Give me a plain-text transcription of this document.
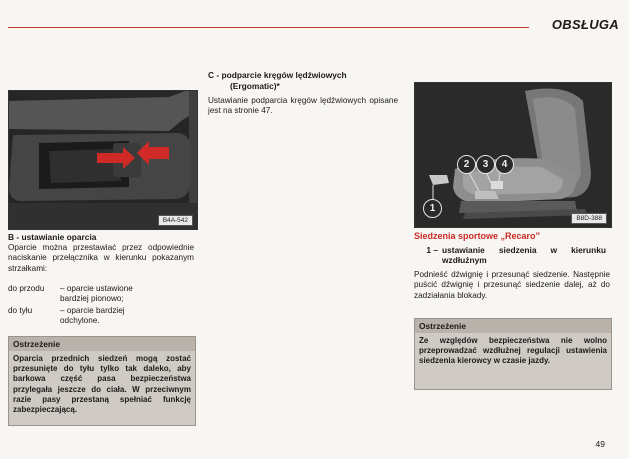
OBSŁUGA
B4A-542
B - ustawianie oparcia
Oparcie można przestawiać przez odpowiednie naciskanie przełącznika w kierunku pokazanym strzałkami:
do przodu – oparcie ustawione bardziej pionowo;
do tyłu	– oparcie bardziej odchylone.
Ostrzeżenie
Oparcia przednich siedzeń mogą zostać przesunięte do tyłu tylko tak daleko, aby barkowa część pasa bezpieczeństwa przylegała jeszcze do ciała. W przeciwnym razie pasy przestaną spełniać funkcję zabezpieczającą.
C - podparcie kręgów lędźwiowych
(Ergomatic)*
Ustawianie podparcia kręgów lędźwiowych opisane jest na stronie 47.
1
2	3	4
B8D-388
Siedzenia sportowe „Recaro”
1 – ustawianie siedzenia w kierunku wzdłużnym
Podnieść dźwignię i przesunąć siedzenie. Następnie puścić dźwignię i przesunąć siedzenie dalej, aż do zadziałania blokady.
Ostrzeżenie
Ze względów bezpieczeństwa nie wolno przeprowadzać wzdłużnej regulacji ustawienia siedzenia kierowcy w czasie jazdy.
49
